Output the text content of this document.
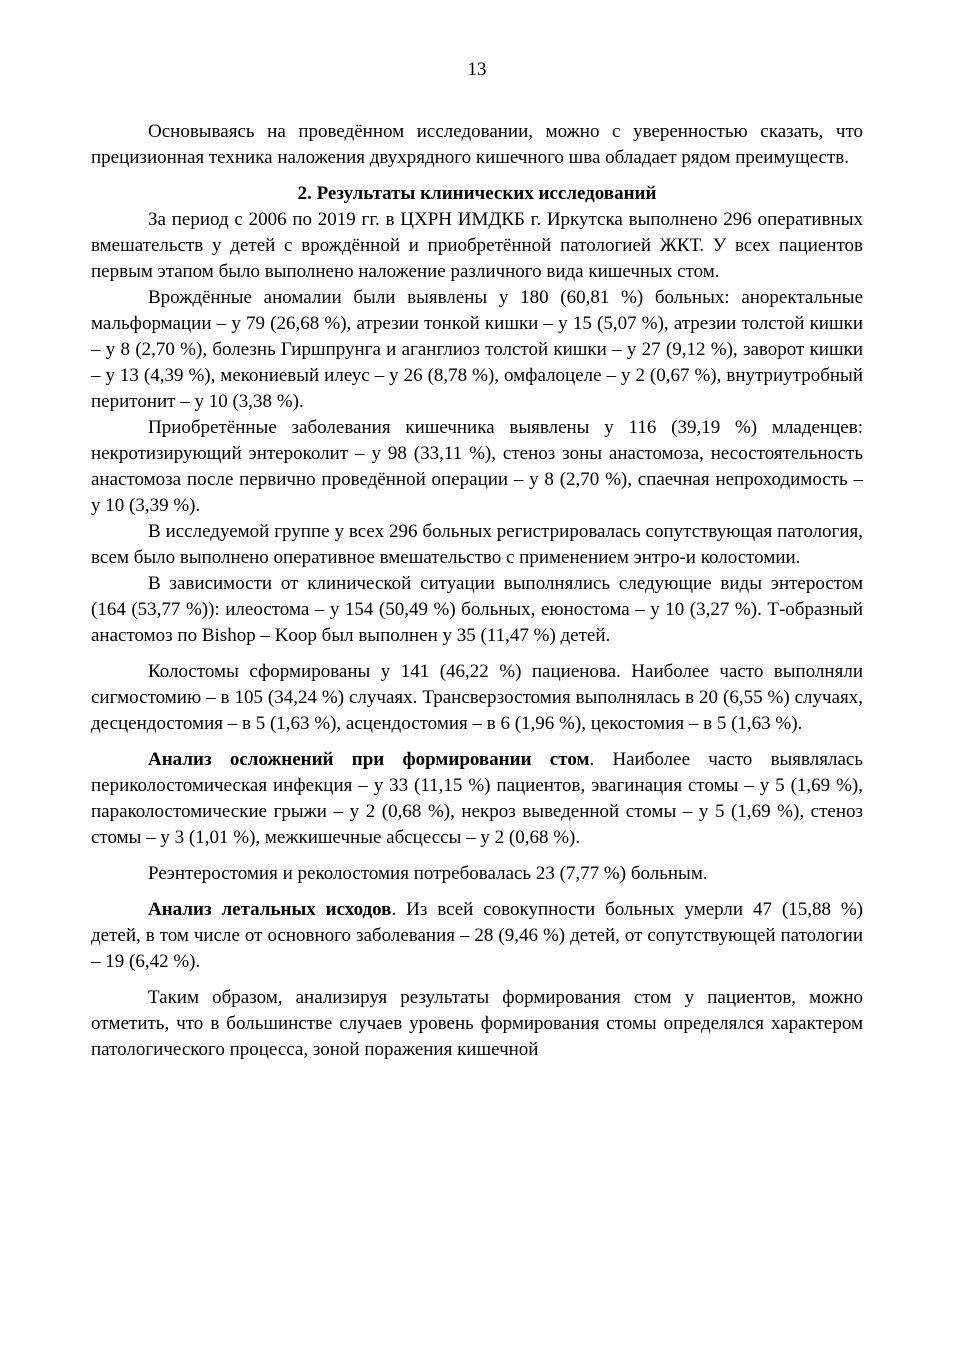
13

Основываясь на проведённом исследовании, можно с уверенностью сказать, что прецизионная техника наложения двухрядного кишечного шва обладает рядом преимуществ.

2. Результаты клинических исследований

За период с 2006 по 2019 гг. в ЦХРН ИМДКБ г. Иркутска выполнено 296 оперативных вмешательств у детей с врождённой и приобретённой патологией ЖКТ. У всех пациентов первым этапом было выполнено наложение различного вида кишечных стом.

Врождённые аномалии были выявлены у 180 (60,81 %) больных: аноректальные мальформации – у 79 (26,68 %), атрезии тонкой кишки – у 15 (5,07 %), атрезии толстой кишки – у 8 (2,70 %), болезнь Гиршпрунга и аганглиоз толстой кишки – у 27 (9,12 %), заворот кишки – у 13 (4,39 %), мекониевый илеус – у 26 (8,78 %), омфалоцеле – у 2 (0,67 %), внутриутробный перитонит – у 10 (3,38 %).

Приобретённые заболевания кишечника выявлены у 116 (39,19 %) младенцев: некротизирующий энтероколит – у 98 (33,11 %), стеноз зоны анастомоза, несостоятельность анастомоза после первично проведённой операции – у 8 (2,70 %), спаечная непроходимость – у 10 (3,39 %).

В исследуемой группе у всех 296 больных регистрировалась сопутствующая патология, всем было выполнено оперативное вмешательство с применением энтро-и колостомии.

В зависимости от клинической ситуации выполнялись следующие виды энтеростом (164 (53,77 %)): илеостома – у 154 (50,49 %) больных, еюностома – у 10 (3,27 %). Т-образный анастомоз по Bishop – Koop был выполнен у 35 (11,47 %) детей.

Колостомы сформированы у 141 (46,22 %) пациенова. Наиболее часто выполняли сигмостомию – в 105 (34,24 %) случаях. Трансверзостомия выполнялась в 20 (6,55 %) случаях, десцендостомия – в 5 (1,63 %), асцендостомия – в 6 (1,96 %), цекостомия – в 5 (1,63 %).

Анализ осложнений при формировании стом. Наиболее часто выявлялась периколостомическая инфекция – у 33 (11,15 %) пациентов, эвагинация стомы – у 5 (1,69 %), параколостомические грыжи – у 2 (0,68 %), некроз выведенной стомы – у 5 (1,69 %), стеноз стомы – у 3 (1,01 %), межкишечные абсцессы – у 2 (0,68 %).

Реэнтеростомия и реколостомия потребовалась 23 (7,77 %) больным.

Анализ летальных исходов. Из всей совокупности больных умерли 47 (15,88 %) детей, в том числе от основного заболевания – 28 (9,46 %) детей, от сопутствующей патологии – 19 (6,42 %).

Таким образом, анализируя результаты формирования стом у пациентов, можно отметить, что в большинстве случаев уровень формирования стомы определялся характером патологического процесса, зоной поражения кишечной
